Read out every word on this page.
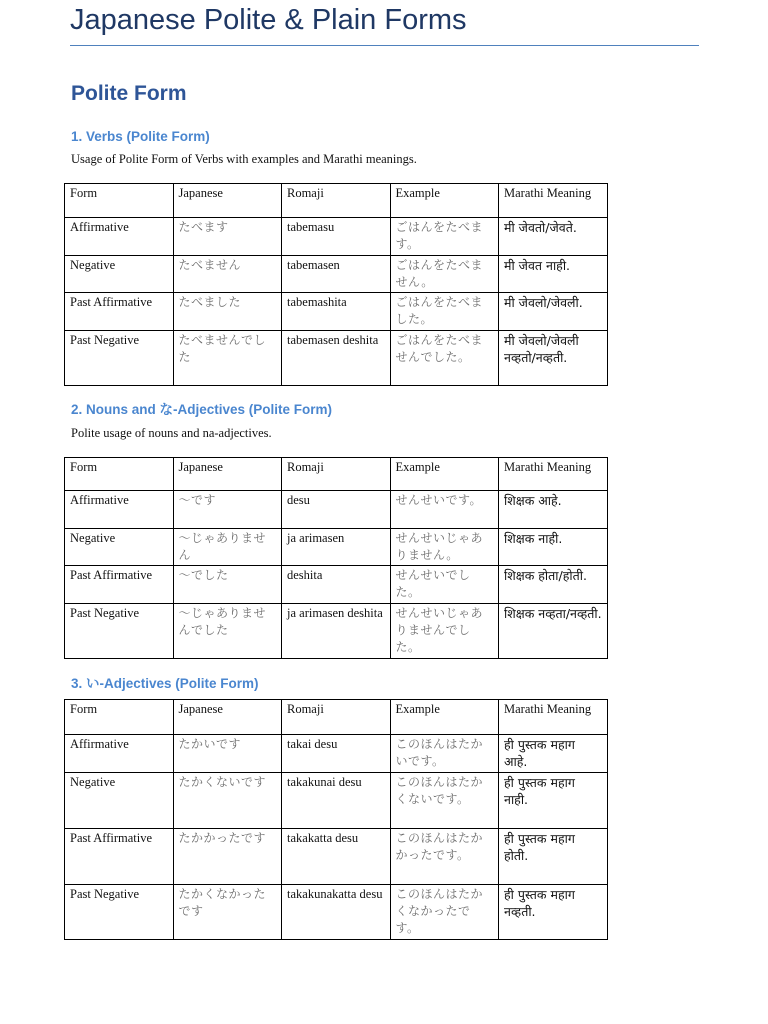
Japanese Polite & Plain Forms
Polite Form
1. Verbs (Polite Form)

Usage of Polite Form of Verbs with examples and Marathi meanings.

Form	Japanese	Romaji	Example	Marathi Meaning
Affirmative	たべます	tabemasu	ごはんをたべます。	मी जेवतो/जेवते.
Negative	たべません	tabemasen	ごはんをたべません。	मी जेवत नाही.
Past Affirmative	たべました	tabemashita	ごはんをたべました。	मी जेवलो/जेवली.
Past Negative	たべませんでした	tabemasen deshita	ごはんをたべませんでした。	मी जेवलो/जेवली नव्हतो/नव्हती.
2. Nouns and な-Adjectives (Polite Form)

Polite usage of nouns and na-adjectives.

Form	Japanese	Romaji	Example	Marathi Meaning
Affirmative	～です	desu	せんせいです。	शिक्षक आहे.
Negative	～じゃありません	ja arimasen	せんせいじゃありません。	शिक्षक नाही.
Past Affirmative	～でした	deshita	せんせいでした。	शिक्षक होता/होती.
Past Negative	～じゃありませんでした	ja arimasen deshita	せんせいじゃありませんでした。	शिक्षक नव्हता/नव्हती.
3. い-Adjectives (Polite Form)
Form	Japanese	Romaji	Example	Marathi Meaning
Affirmative	たかいです	takai desu	このほんはたかいです。	ही पुस्तक महाग आहे.
Negative	たかくないです	takakunai desu	このほんはたかくないです。	ही पुस्तक महाग नाही.
Past Affirmative	たかかったです	takakatta desu	このほんはたかかったです。	ही पुस्तक महाग होती.
Past Negative	たかくなかったです	takakunakatta desu	このほんはたかくなかったです。	ही पुस्तक महाग नव्हती.
